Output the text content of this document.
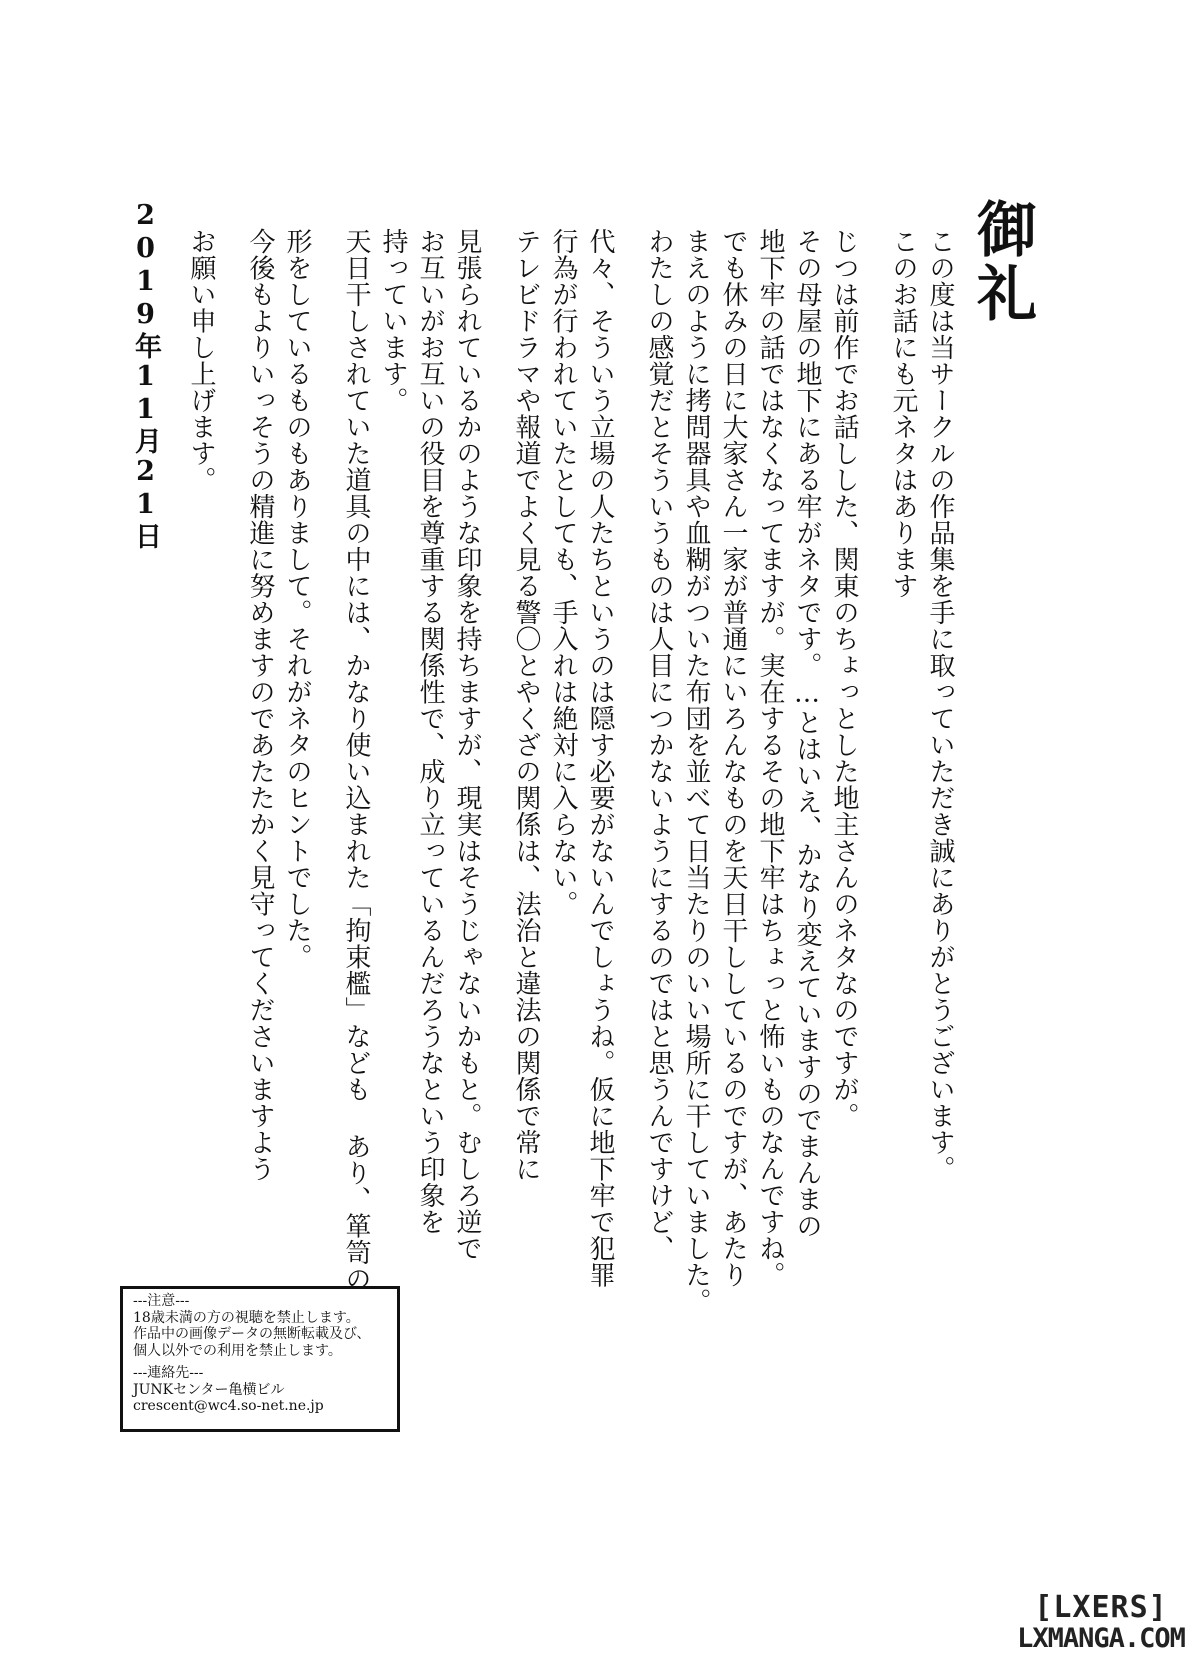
御礼

この度は当サークルの作品集を手に取っていただき誠にありがとうございます。

このお話にも元ネタはあります

じつは前作でお話しした、関東のちょっとした地主さんのネタなのですが。

その母屋の地下にある牢がネタです。…とはいえ、かなり変えていますのでまんまの

地下牢の話ではなくなってますが。実在するその地下牢はちょっと怖いものなんですね。

でも休みの日に大家さん一家が普通にいろんなものを天日干ししているのですが、あたり

まえのように拷問器具や血糊がついた布団を並べて日当たりのいい場所に干していました。

わたしの感覚だとそういうものは人目につかないようにするのではと思うんですけど、

代々、そういう立場の人たちというのは隠す必要がないんでしょうね。仮に地下牢で犯罪

行為が行われていたとしても、手入れは絶対に入らない。

テレビドラマや報道でよく見る警〇とやくざの関係は、法治と違法の関係で常に

見張られているかのような印象を持ちますが、現実はそうじゃないかもと。むしろ逆で

お互いがお互いの役目を尊重する関係性で、成り立っているんだろうなという印象を

持っています。

天日干しされていた道具の中には、かなり使い込まれた「拘束檻」なども あり、箪笥の

形をしているものもありまして。それがネタのヒントでした。

今後もよりいっそうの精進に努めますのであたたかく見守ってくださいますよう

お願い申し上げます。

2019年11月21日
---注意---
18歳未満の方の視聴を禁止します。
作品中の画像データの無断転載及び、
個人以外での利用を禁止します。
---連絡先---
JUNKセンター亀横ビル
crescent@wc4.so-net.ne.jp
[LXERS]
LXMANGA.COM
